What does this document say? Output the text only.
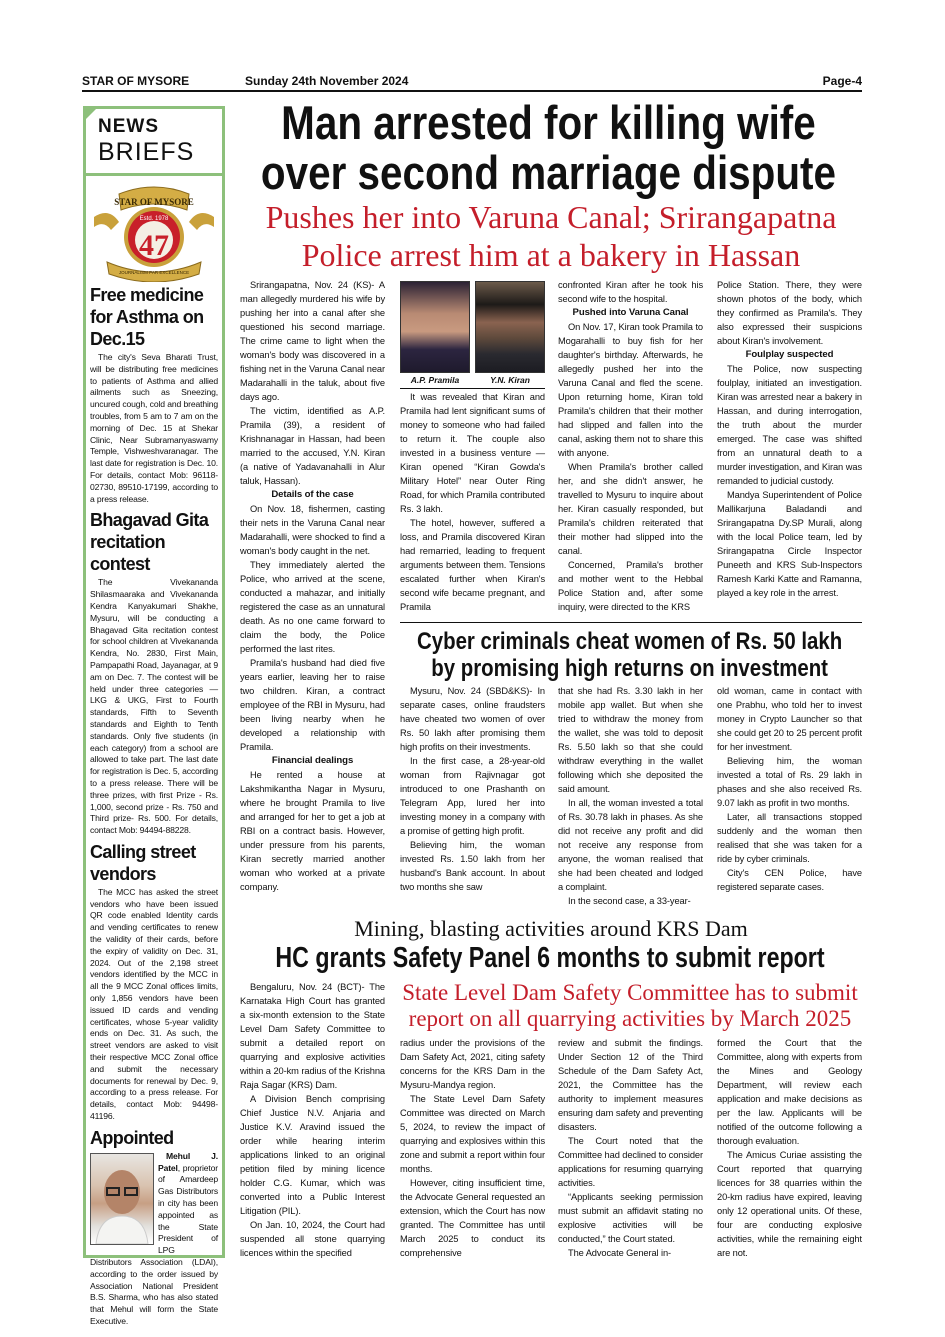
STAR OF MYSORE	Sunday 24th November 2024	Page-4
NEWS
BRIEFS
STAR OF MYSORE
Estd. 1978
47
JOURNALISM PAR EXCELLENCE
Free medicine for Asthma on Dec.15

The city's Seva Bharati Trust, will be distributing free medicines to patients of Asthma and allied ailments such as Sneezing, uncured cough, cold and breathing troubles, from 5 am to 7 am on the morning of Dec. 15 at Shekar Clinic, Near Subramanyaswamy Temple, Vishweshvaranagar. The last date for registration is Dec. 10. For details, contact Mob: 96118-02730, 89510-17199, according to a press release.

Bhagavad Gita recitation contest

The Vivekananda Shilasmaaraka and Vivekananda Kendra Kanyakumari Shakhe, Mysuru, will be conducting a Bhagavad Gita recitation contest for school children at Vivekananda Kendra, No. 2830, First Main, Pampapathi Road, Jayanagar, at 9 am on Dec. 7. The contest will be held under three categories — LKG & UKG, First to Fourth standards, Fifth to Seventh standards and Eighth to Tenth standards. Only five students (in each category) from a school are allowed to take part. The last date for registration is Dec. 5, according to a press release. There will be three prizes, with first Prize - Rs. 1,000, second prize - Rs. 750 and Third prize- Rs. 500. For details, contact Mob: 94494-88228.

Calling street vendors

The MCC has asked the street vendors who have been issued QR code enabled Identity cards and vending certificates to renew the validity of their cards, before the expiry of validity on Dec. 31, 2024. Out of the 2,198 street vendors identified by the MCC in all the 9 MCC Zonal offices limits, only 1,856 vendors have been issued ID cards and vending certificates, whose 5-year validity ends on Dec. 31. As such, the street vendors are asked to visit their respective MCC Zonal office and submit the necessary documents for renewal by Dec. 9, according to a press release. For details, contact Mob: 94498-41196.

Appointed
Mehul J. Patel, proprietor of Amardeep Gas Distributors in city has been appointed as the State President of LPG Distributors Association (LDAI), according to the order issued by Association National President B.S. Sharma, who has also stated that Mehul will form the State Executive.
Man arrested for killing wife
over second marriage dispute
Pushes her into Varuna Canal; Srirangapatna
Police arrest him at a bakery in Hassan
A.P. Pramila	Y.N. Kiran

Srirangapatna, Nov. 24 (KS)- A man allegedly murdered his wife by pushing her into a canal after she questioned his second marriage. The crime came to light when the woman's body was discovered in a fishing net in the Varuna Canal near Madarahalli in the taluk, about five days ago.

The victim, identified as A.P. Pramila (39), a resident of Krishnanagar in Hassan, had been married to the accused, Y.N. Kiran (a native of Yadavanahalli in Alur taluk, Hassan).

Details of the case

On Nov. 18, fishermen, casting their nets in the Varuna Canal near Madarahalli, were shocked to find a woman's body caught in the net.

They immediately alerted the Police, who arrived at the scene, conducted a mahazar, and initially registered the case as an unnatural death. As no one came forward to claim the body, the Police performed the last rites.

Pramila's husband had died five years earlier, leaving her to raise two children. Kiran, a contract employee of the RBI in Mysuru, had been living nearby when he developed a relationship with Pramila.

Financial dealings

He rented a house at Lakshmikantha Nagar in Mysuru, where he brought Pramila to live and arranged for her to get a job at RBI on a contract basis. However, under pressure from his parents, Kiran secretly married another woman who worked at a private company.

It was revealed that Kiran and Pramila had lent significant sums of money to someone who had failed to return it. The couple also invested in a business venture — Kiran opened “Kiran Gowda's Military Hotel” near Outer Ring Road, for which Pramila contributed Rs. 3 lakh.

The hotel, however, suffered a loss, and Pramila discovered Kiran had remarried, leading to frequent arguments between them. Tensions escalated further when Kiran's second wife became pregnant, and Pramila

confronted Kiran after he took his second wife to the hospital.

Pushed into Varuna Canal

On Nov. 17, Kiran took Pramila to Mogarahalli to buy fish for her daughter's birthday. Afterwards, he allegedly pushed her into the Varuna Canal and fled the scene. Upon returning home, Kiran told Pramila's children that their mother had slipped and fallen into the canal, asking them not to share this with anyone.

When Pramila's brother called her, and she didn't answer, he travelled to Mysuru to inquire about her. Kiran casually responded, but Pramila's children reiterated that their mother had slipped into the canal.

Concerned, Pramila's brother and mother went to the Hebbal Police Station and, after some inquiry, were directed to the KRS

Police Station. There, they were shown photos of the body, which they confirmed as Pramila's. They also expressed their suspicions about Kiran's involvement.

Foulplay suspected

The Police, now suspecting foulplay, initiated an investigation. Kiran was arrested near a bakery in Hassan, and during interrogation, the truth about the murder emerged. The case was shifted from an unnatural death to a murder investigation, and Kiran was remanded to judicial custody.

Mandya Superintendent of Police Mallikarjuna Baladandi and Srirangapatna Dy.SP Murali, along with the local Police team, led by Srirangapatna Circle Inspector Puneeth and KRS Sub-Inspectors Ramesh Karki Katte and Ramanna, played a key role in the arrest.

Cyber criminals cheat women of Rs. 50 lakh
by promising high returns on investment

Mysuru, Nov. 24 (SBD&KS)- In separate cases, online fraudsters have cheated two women of over Rs. 50 lakh after promising them high profits on their investments.

In the first case, a 28-year-old woman from Rajivnagar got introduced to one Prashanth on Telegram App, lured her into investing money in a company with a promise of getting high profit.

Believing him, the woman invested Rs. 1.50 lakh from her husband's Bank account. In about two months she saw

that she had Rs. 3.30 lakh in her mobile app wallet. But when she tried to withdraw the money from the wallet, she was told to deposit Rs. 5.50 lakh so that she could withdraw everything in the wallet following which she deposited the said amount.

In all, the woman invested a total of Rs. 30.78 lakh in phases. As she did not receive any profit and did not receive any response from anyone, the woman realised that she had been cheated and lodged a complaint.

In the second case, a 33-year-

old woman, came in contact with one Prabhu, who told her to invest money in Crypto Launcher so that she could get 20 to 25 percent profit for her investment.

Believing him, the woman invested a total of Rs. 29 lakh in phases and she also received Rs. 9.07 lakh as profit in two months.

Later, all transactions stopped suddenly and the woman then realised that she was taken for a ride by cyber criminals.

City's CEN Police, have registered separate cases.

Mining, blasting activities around KRS Dam
HC grants Safety Panel 6 months to submit report
State Level Dam Safety Committee has to submit
report on all quarrying activities by March 2025

Bengaluru, Nov. 24 (BCT)- The Karnataka High Court has granted a six-month extension to the State Level Dam Safety Committee to submit a detailed report on quarrying and explosive activities within a 20-km radius of the Krishna Raja Sagar (KRS) Dam.

A Division Bench comprising Chief Justice N.V. Anjaria and Justice K.V. Aravind issued the order while hearing interim applications linked to an original petition filed by mining licence holder C.G. Kumar, which was converted into a Public Interest Litigation (PIL).

On Jan. 10, 2024, the Court had suspended all stone quarrying licences within the specified

radius under the provisions of the Dam Safety Act, 2021, citing safety concerns for the KRS Dam in the Mysuru-Mandya region.

The State Level Dam Safety Committee was directed on March 5, 2024, to review the impact of quarrying and explosives within this zone and submit a report within four months.

However, citing insufficient time, the Advocate General requested an extension, which the Court has now granted. The Committee has until March 2025 to conduct its comprehensive

review and submit the findings. Under Section 12 of the Third Schedule of the Dam Safety Act, 2021, the Committee has the authority to implement measures ensuring dam safety and preventing disasters.

The Court noted that the Committee had declined to consider applications for resuming quarrying activities.

“Applicants seeking permission must submit an affidavit stating no explosive activities will be conducted,” the Court stated.

The Advocate General in-

formed the Court that the Committee, along with experts from the Mines and Geology Department, will review each application and make decisions as per the law. Applicants will be notified of the outcome following a thorough evaluation.

The Amicus Curiae assisting the Court reported that quarrying licences for 38 quarries within the 20-km radius have expired, leaving only 12 operational units. Of these, four are conducting explosive activities, while the remaining eight are not.
